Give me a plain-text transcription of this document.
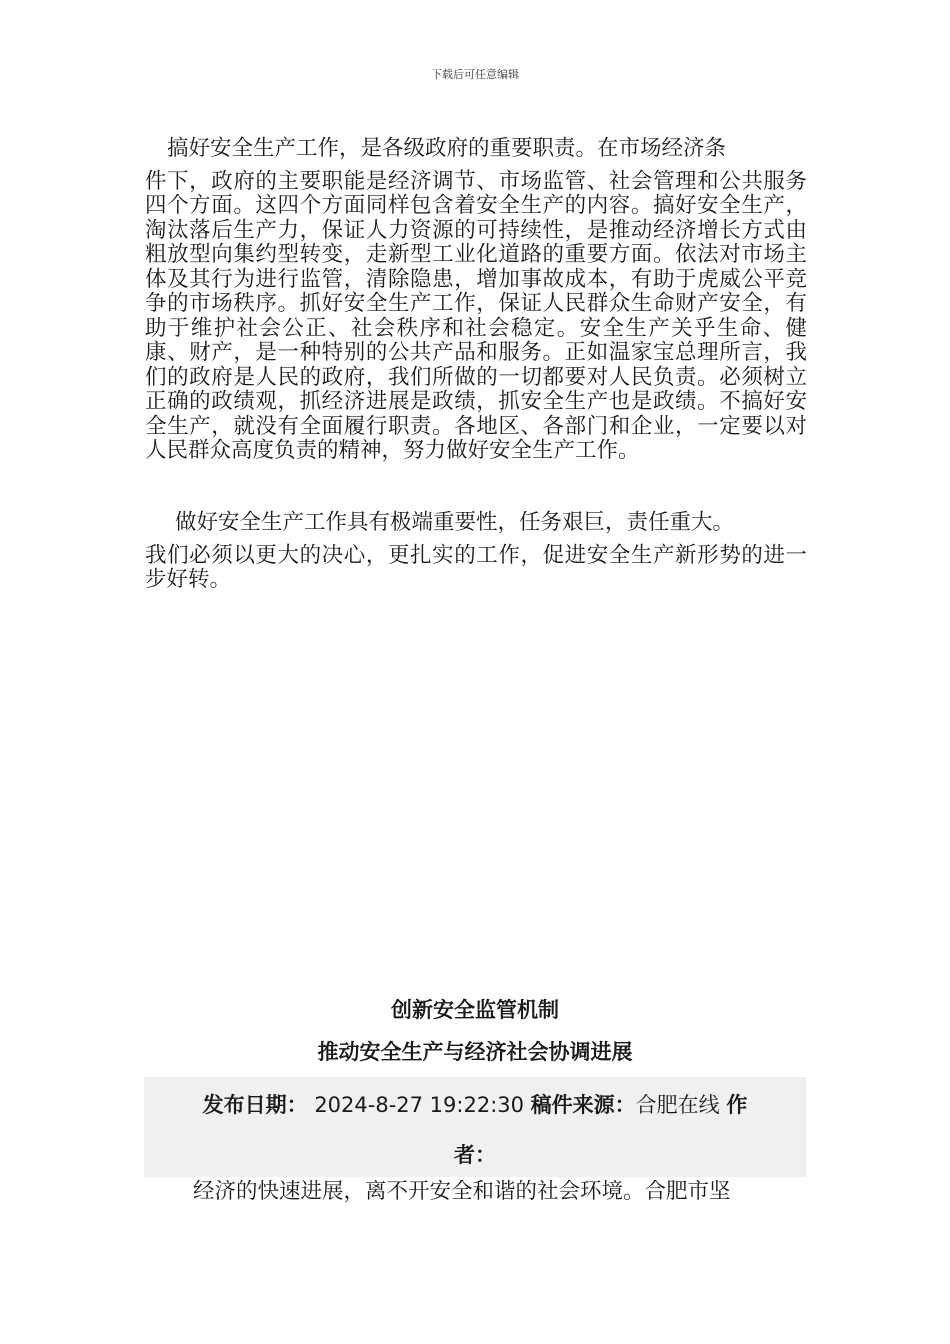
下载后可任意编辑

搞好安全生产工作，是各级政府的重要职责。在市场经济条
件下，政府的主要职能是经济调节、市场监管、社会管理和公共服务四个方面。这四个方面同样包含着安全生产的内容。搞好安全生产，淘汰落后生产力，保证人力资源的可持续性，是推动经济增长方式由粗放型向集约型转变，走新型工业化道路的重要方面。依法对市场主体及其行为进行监管，清除隐患，增加事故成本，有助于虎威公平竞争的市场秩序。抓好安全生产工作，保证人民群众生命财产安全，有助于维护社会公正、社会秩序和社会稳定。安全生产关乎生命、健康、财产，是一种特别的公共产品和服务。正如温家宝总理所言，我们的政府是人民的政府，我们所做的一切都要对人民负责。必须树立正确的政绩观，抓经济进展是政绩，抓安全生产也是政绩。不搞好安全生产，就没有全面履行职责。各地区、各部门和企业，一定要以对人民群众高度负责的精神，努力做好安全生产工作。

做好安全生产工作具有极端重要性，任务艰巨，责任重大。
我们必须以更大的决心，更扎实的工作，促进安全生产新形势的进一步好转。

创新安全监管机制
推动安全生产与经济社会协调进展
发布日期： 2024-8-27 19:22:30 稿件来源：合肥在线 作
者：

经济的快速进展，离不开安全和谐的社会环境。合肥市坚
